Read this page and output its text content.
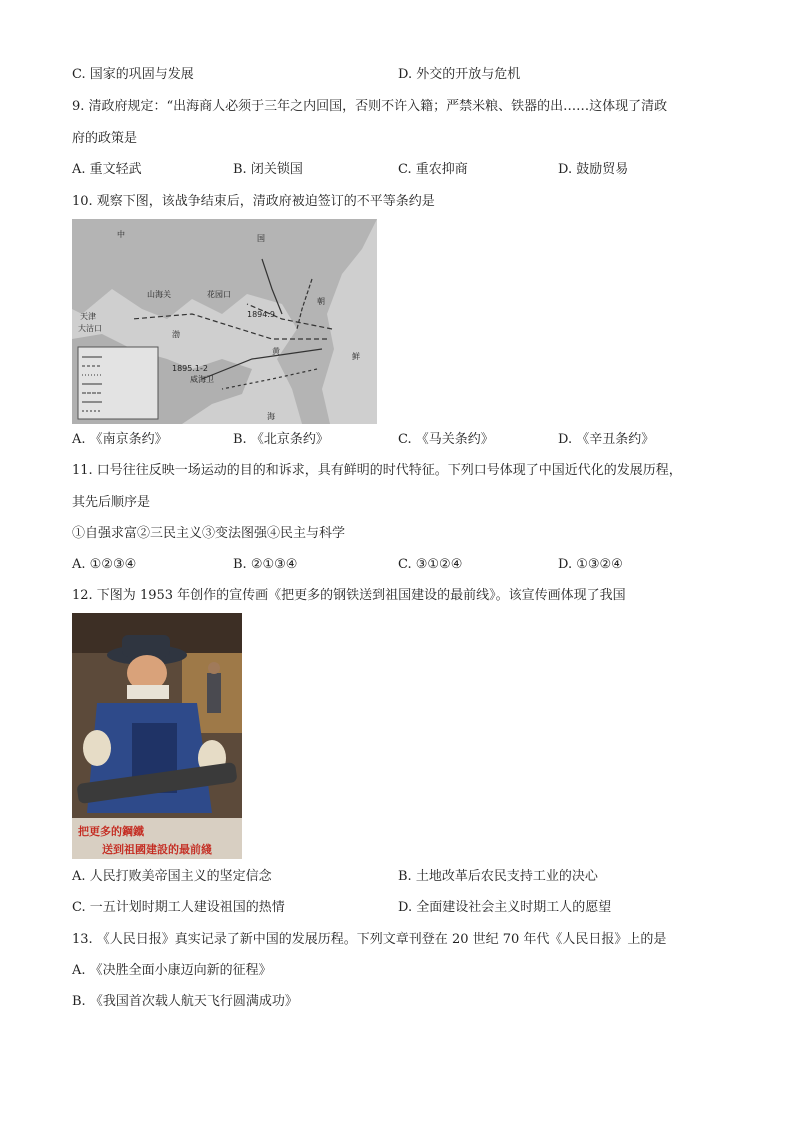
C. 国家的巩固与发展	D. 外交的开放与危机
9. 清政府规定：“出海商人必须于三年之内回国，否则不许入籍；严禁米粮、铁器的出……这体现了清政
府的政策是
A. 重文轻武	B. 闭关锁国	C. 重农抑商	D. 鼓励贸易
10. 观察下图，该战争结束后，清政府被迫签订的不平等条约是
中	国
朝
鲜
山海关
天津
大沽口
花园口
渤
黄
海
威海卫
1894.9
1895.1-2
A. 《南京条约》	B. 《北京条约》	C. 《马关条约》	D. 《辛丑条约》
11. 口号往往反映一场运动的目的和诉求，具有鲜明的时代特征。下列口号体现了中国近代化的发展历程，
其先后顺序是
①自强求富②三民主义③变法图强④民主与科学
A. ①②③④	B. ②①③④	C. ③①②④	D. ①③②④
12. 下图为 1953 年创作的宣传画《把更多的钢铁送到祖国建设的最前线》。该宣传画体现了我国
把更多的鋼鐵
送到祖國建設的最前綫
A. 人民打败美帝国主义的坚定信念	B. 土地改革后农民支持工业的决心
C. 一五计划时期工人建设祖国的热情	D. 全面建设社会主义时期工人的愿望
13. 《人民日报》真实记录了新中国的发展历程。下列文章刊登在 20 世纪 70 年代《人民日报》上的是
A. 《决胜全面小康迈向新的征程》
B. 《我国首次载人航天飞行圆满成功》
